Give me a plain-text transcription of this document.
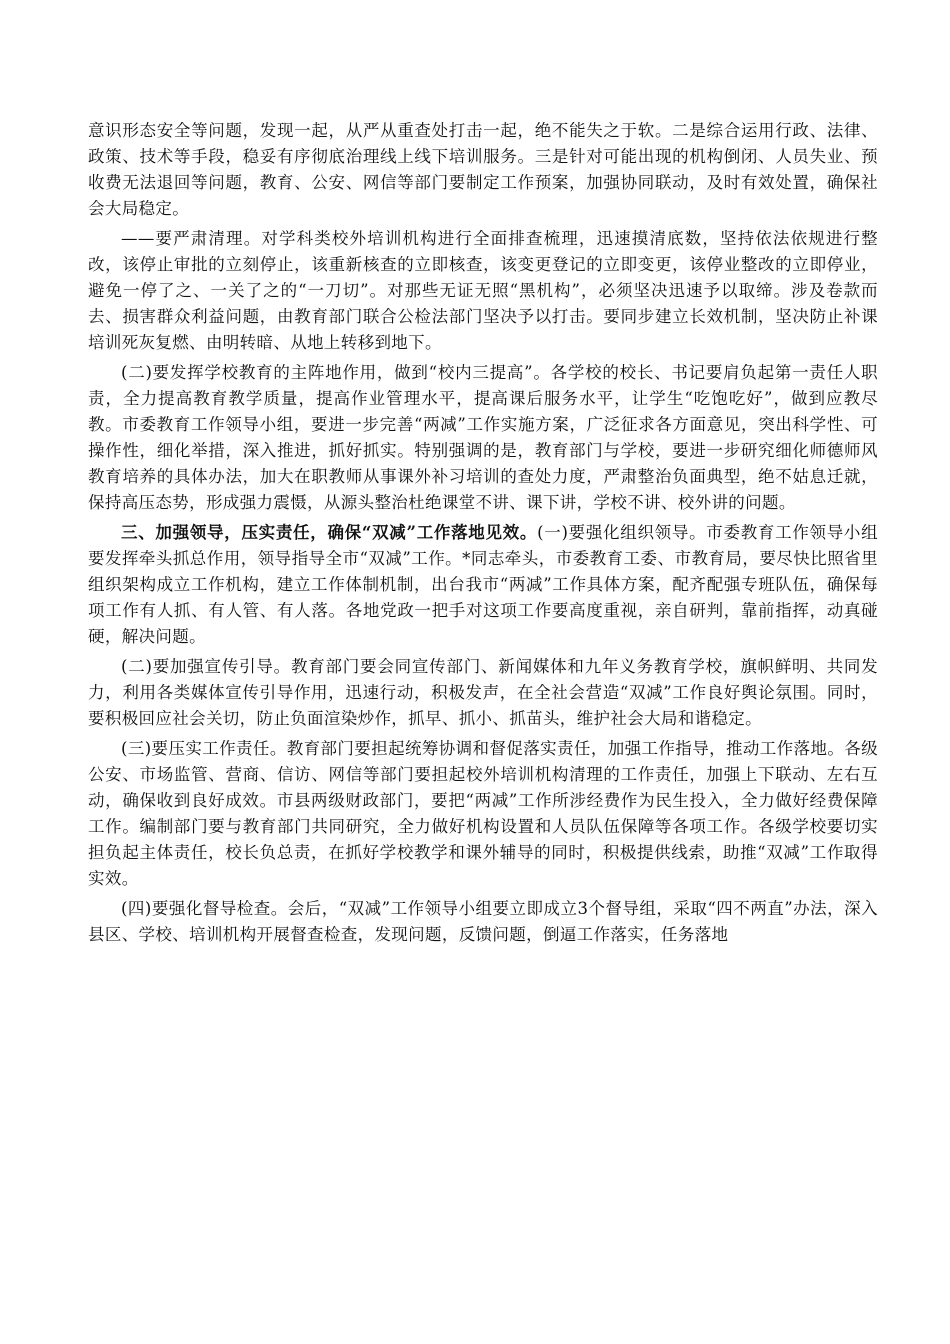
意识形态安全等问题，发现一起，从严从重查处打击一起，绝不能失之于软。二是综合运用行政、法律、政策、技术等手段，稳妥有序彻底治理线上线下培训服务。三是针对可能出现的机构倒闭、人员失业、预收费无法退回等问题，教育、公安、网信等部门要制定工作预案，加强协同联动，及时有效处置，确保社会大局稳定。

——要严肃清理。对学科类校外培训机构进行全面排查梳理，迅速摸清底数，坚持依法依规进行整改，该停止审批的立刻停止，该重新核查的立即核查，该变更登记的立即变更，该停业整改的立即停业，避免一停了之、一关了之的“一刀切”。对那些无证无照“黑机构”，必须坚决迅速予以取缔。涉及卷款而去、损害群众利益问题，由教育部门联合公检法部门坚决予以打击。要同步建立长效机制，坚决防止补课培训死灰复燃、由明转暗、从地上转移到地下。

(二)要发挥学校教育的主阵地作用，做到“校内三提高”。各学校的校长、书记要肩负起第一责任人职责，全力提高教育教学质量，提高作业管理水平，提高课后服务水平，让学生“吃饱吃好”，做到应教尽教。市委教育工作领导小组，要进一步完善“两减”工作实施方案，广泛征求各方面意见，突出科学性、可操作性，细化举措，深入推进，抓好抓实。特别强调的是，教育部门与学校，要进一步研究细化师德师风教育培养的具体办法，加大在职教师从事课外补习培训的查处力度，严肃整治负面典型，绝不姑息迁就，保持高压态势，形成强力震慑，从源头整治杜绝课堂不讲、课下讲，学校不讲、校外讲的问题。

三、加强领导，压实责任，确保“双减”工作落地见效。(一)要强化组织领导。市委教育工作领导小组要发挥牵头抓总作用，领导指导全市“双减”工作。*同志牵头，市委教育工委、市教育局，要尽快比照省里组织架构成立工作机构，建立工作体制机制，出台我市“两减”工作具体方案，配齐配强专班队伍，确保每项工作有人抓、有人管、有人落。各地党政一把手对这项工作要高度重视，亲自研判，靠前指挥，动真碰硬，解决问题。

(二)要加强宣传引导。教育部门要会同宣传部门、新闻媒体和九年义务教育学校，旗帜鲜明、共同发力，利用各类媒体宣传引导作用，迅速行动，积极发声，在全社会营造“双减”工作良好舆论氛围。同时，要积极回应社会关切，防止负面渲染炒作，抓早、抓小、抓苗头，维护社会大局和谐稳定。

(三)要压实工作责任。教育部门要担起统筹协调和督促落实责任，加强工作指导，推动工作落地。各级公安、市场监管、营商、信访、网信等部门要担起校外培训机构清理的工作责任，加强上下联动、左右互动，确保收到良好成效。市县两级财政部门，要把“两减”工作所涉经费作为民生投入，全力做好经费保障工作。编制部门要与教育部门共同研究，全力做好机构设置和人员队伍保障等各项工作。各级学校要切实担负起主体责任，校长负总责，在抓好学校教学和课外辅导的同时，积极提供线索，助推“双减”工作取得实效。

(四)要强化督导检查。会后，“双减”工作领导小组要立即成立3个督导组，采取“四不两直”办法，深入县区、学校、培训机构开展督查检查，发现问题，反馈问题，倒逼工作落实，任务落地
